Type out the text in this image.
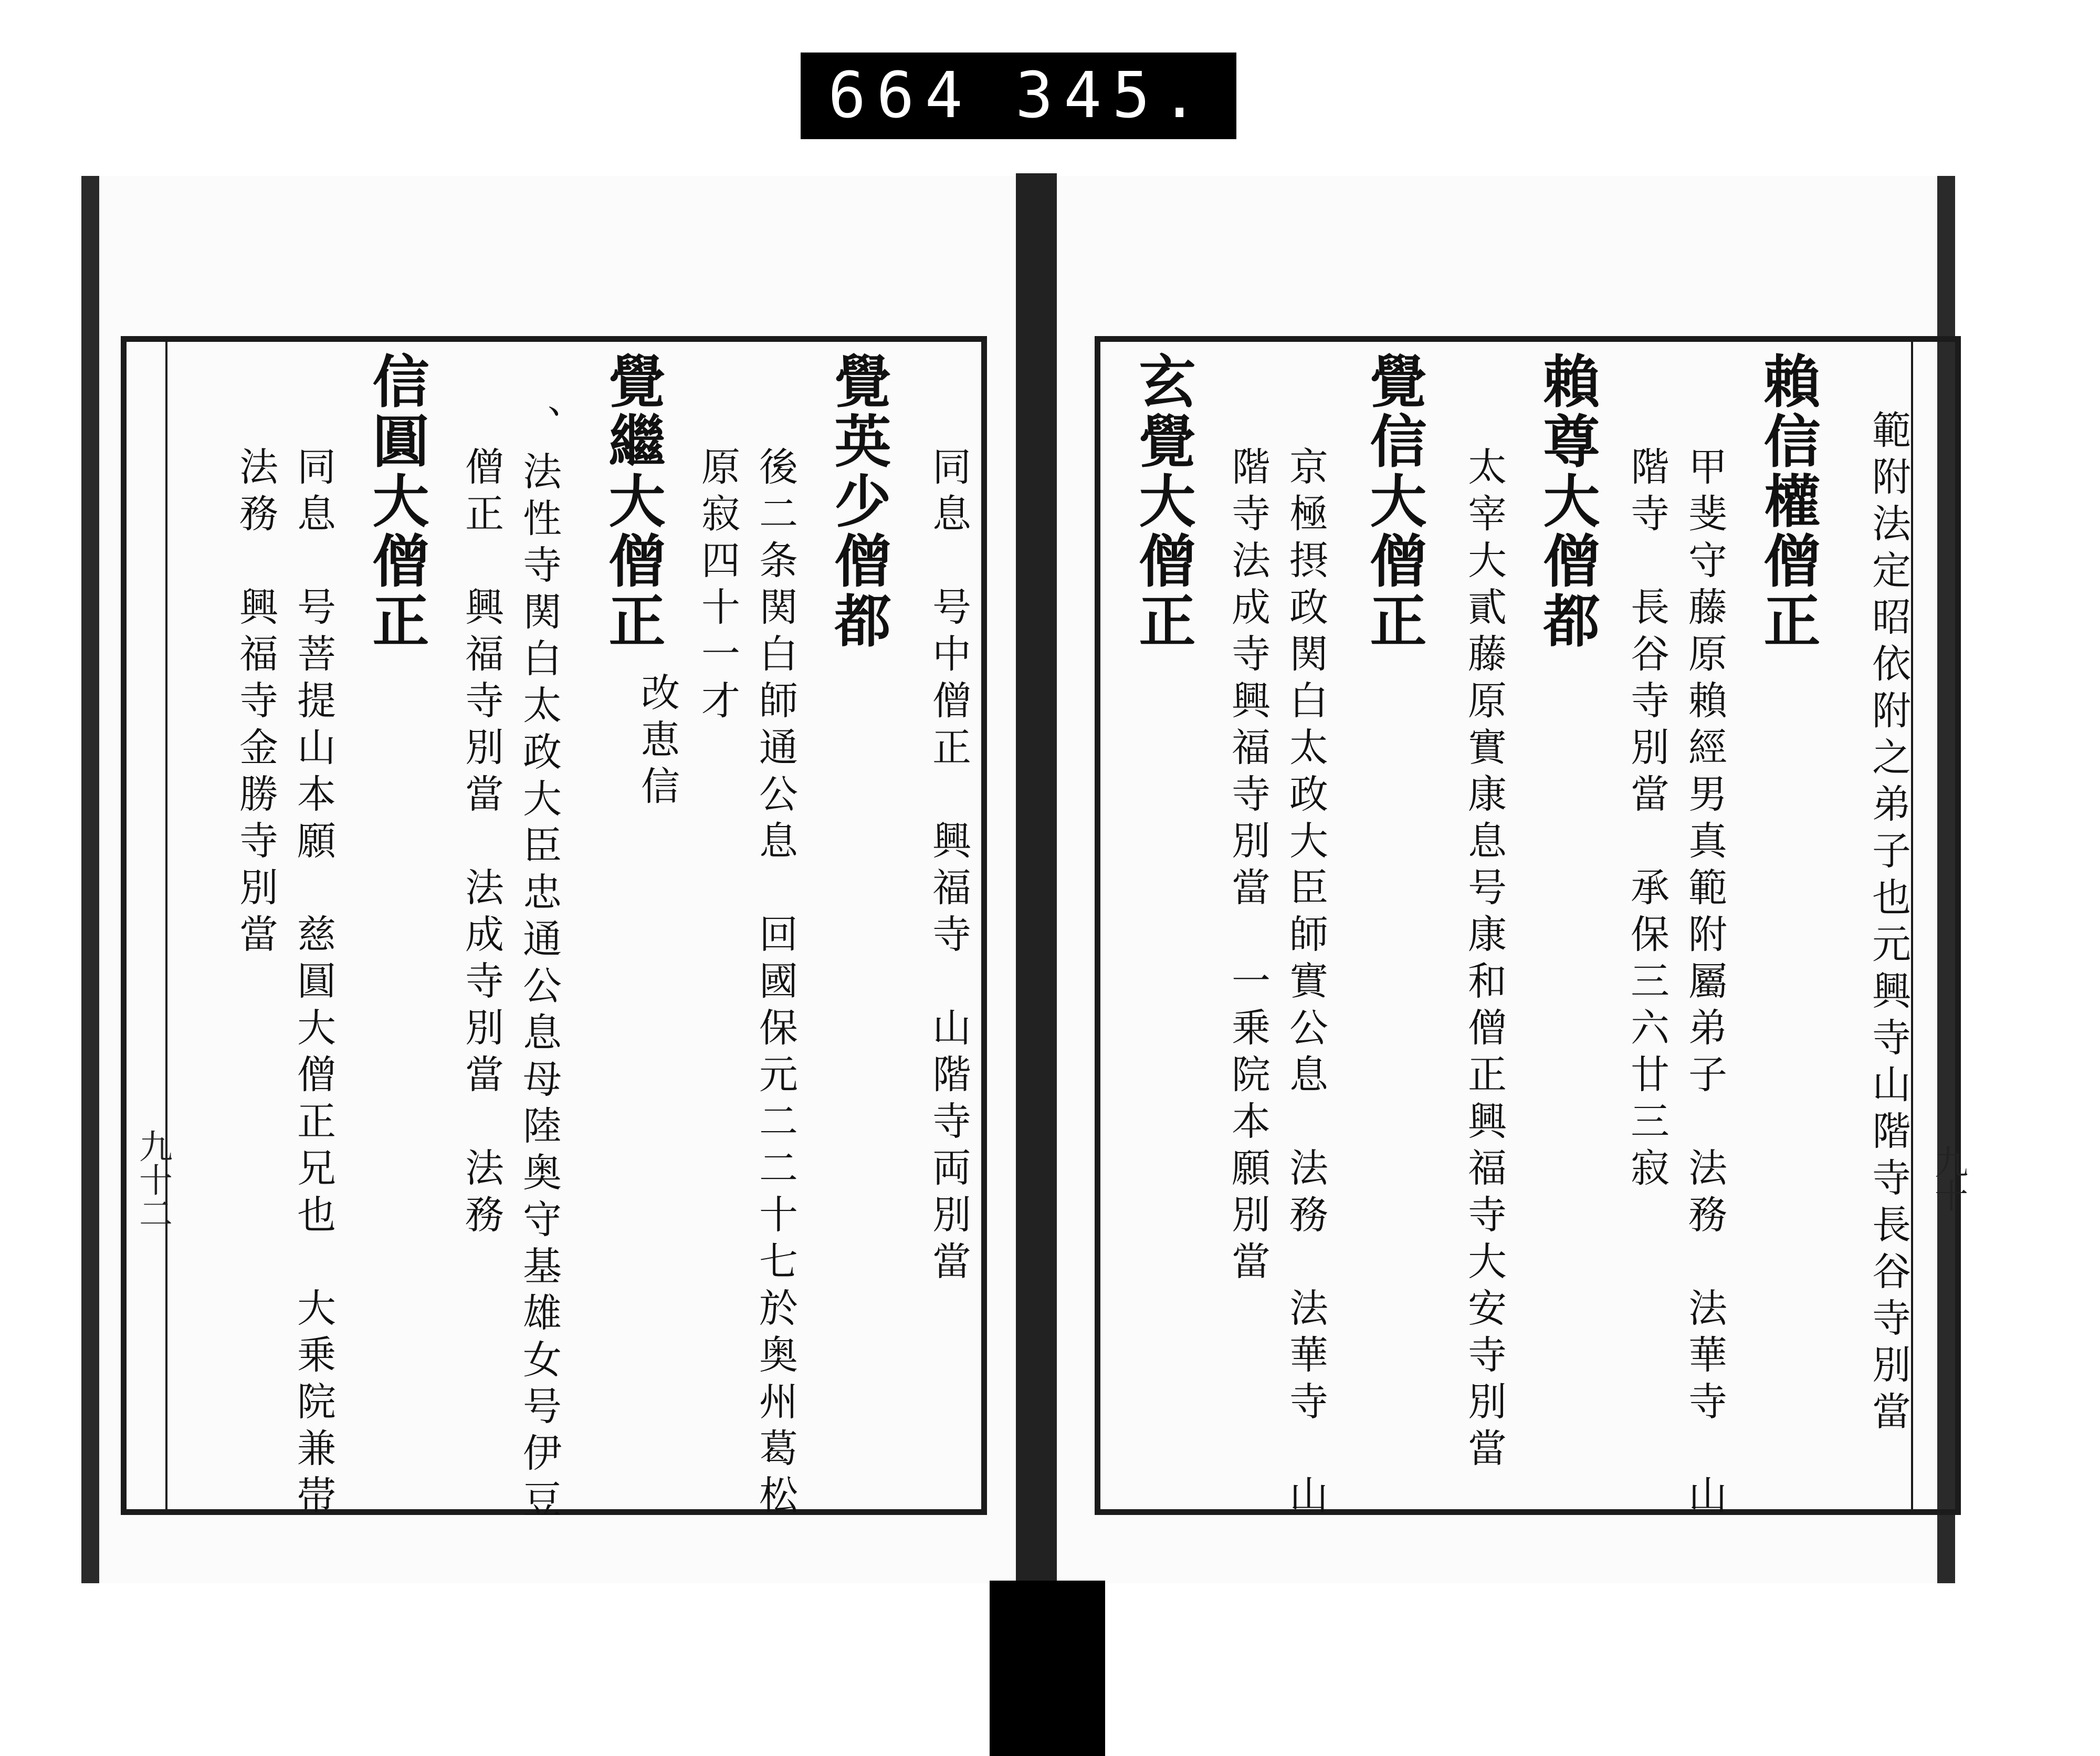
664 345.
範附法定昭依附之弟子也元興寺山階寺長谷寺別當
賴信權僧正
甲斐守藤原賴經男真範附屬弟子　法務　法華寺　山
階寺　長谷寺別當　承保三六廿三寂
賴尊大僧都
太宰大貳藤原實康息号康和僧正興福寺大安寺別當
覺信大僧正
京極摂政関白太政大臣師實公息　法務　法華寺　山
階寺法成寺興福寺別當　一乗院本願別當
玄覺大僧正
九十
同息　号中僧正　興福寺　山階寺両別當
覺英少僧都
後二条関白師通公息　回國保元二二十七於奥州葛松
原寂四十一才
覺繼大僧正
改恵信
、法性寺関白太政大臣忠通公息母陸奥守基雄女号伊豆
僧正　興福寺別當　法成寺別當　法務
信圓大僧正
同息　号菩提山本願　慈圓大僧正兄也　大乗院兼帯
法務　興福寺金勝寺別當
九十二
